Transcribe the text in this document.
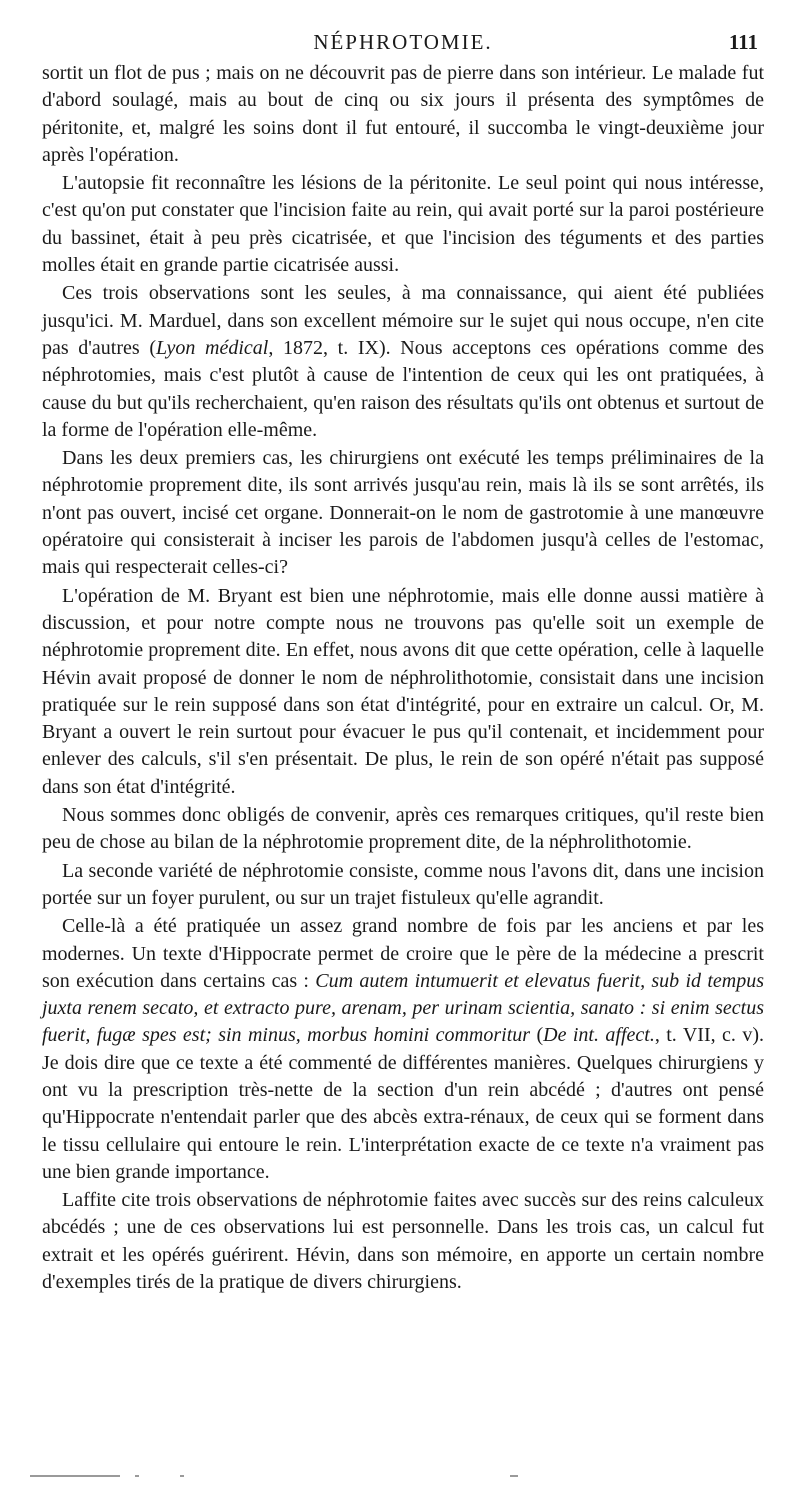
NÉPHROTOMIE.	111

sortit un flot de pus ; mais on ne découvrit pas de pierre dans son intérieur. Le malade fut d'abord soulagé, mais au bout de cinq ou six jours il présenta des symptômes de péritonite, et, malgré les soins dont il fut entouré, il succomba le vingt-deuxième jour après l'opération.

L'autopsie fit reconnaître les lésions de la péritonite. Le seul point qui nous intéresse, c'est qu'on put constater que l'incision faite au rein, qui avait porté sur la paroi postérieure du bassinet, était à peu près cicatrisée, et que l'incision des téguments et des parties molles était en grande partie cicatrisée aussi.

Ces trois observations sont les seules, à ma connaissance, qui aient été publiées jusqu'ici. M. Marduel, dans son excellent mémoire sur le sujet qui nous occupe, n'en cite pas d'autres (Lyon médical, 1872, t. IX). Nous acceptons ces opérations comme des néphrotomies, mais c'est plutôt à cause de l'intention de ceux qui les ont pratiquées, à cause du but qu'ils recherchaient, qu'en raison des résultats qu'ils ont obtenus et surtout de la forme de l'opération elle-même.

Dans les deux premiers cas, les chirurgiens ont exécuté les temps préliminaires de la néphrotomie proprement dite, ils sont arrivés jusqu'au rein, mais là ils se sont arrêtés, ils n'ont pas ouvert, incisé cet organe. Donnerait-on le nom de gastrotomie à une manœuvre opératoire qui consisterait à inciser les parois de l'abdomen jusqu'à celles de l'estomac, mais qui respecterait celles-ci?

L'opération de M. Bryant est bien une néphrotomie, mais elle donne aussi matière à discussion, et pour notre compte nous ne trouvons pas qu'elle soit un exemple de néphrotomie proprement dite. En effet, nous avons dit que cette opération, celle à laquelle Hévin avait proposé de donner le nom de néphrolithotomie, consistait dans une incision pratiquée sur le rein supposé dans son état d'intégrité, pour en extraire un calcul. Or, M. Bryant a ouvert le rein surtout pour évacuer le pus qu'il contenait, et incidemment pour enlever des calculs, s'il s'en présentait. De plus, le rein de son opéré n'était pas supposé dans son état d'intégrité.

Nous sommes donc obligés de convenir, après ces remarques critiques, qu'il reste bien peu de chose au bilan de la néphrotomie proprement dite, de la néphrolithotomie.

La seconde variété de néphrotomie consiste, comme nous l'avons dit, dans une incision portée sur un foyer purulent, ou sur un trajet fistuleux qu'elle agrandit.

Celle-là a été pratiquée un assez grand nombre de fois par les anciens et par les modernes. Un texte d'Hippocrate permet de croire que le père de la médecine a prescrit son exécution dans certains cas : Cum autem intumuerit et elevatus fuerit, sub id tempus juxta renem secato, et extracto pure, arenam, per urinam scientia, sanato : si enim sectus fuerit, fugæ spes est; sin minus, morbus homini commoritur (De int. affect., t. VII, c. v). Je dois dire que ce texte a été commenté de différentes manières. Quelques chirurgiens y ont vu la prescription très-nette de la section d'un rein abcédé ; d'autres ont pensé qu'Hippocrate n'entendait parler que des abcès extra-rénaux, de ceux qui se forment dans le tissu cellulaire qui entoure le rein. L'interprétation exacte de ce texte n'a vraiment pas une bien grande importance.

Laffite cite trois observations de néphrotomie faites avec succès sur des reins calculeux abcédés ; une de ces observations lui est personnelle. Dans les trois cas, un calcul fut extrait et les opérés guérirent. Hévin, dans son mémoire, en apporte un certain nombre d'exemples tirés de la pratique de divers chirurgiens.
